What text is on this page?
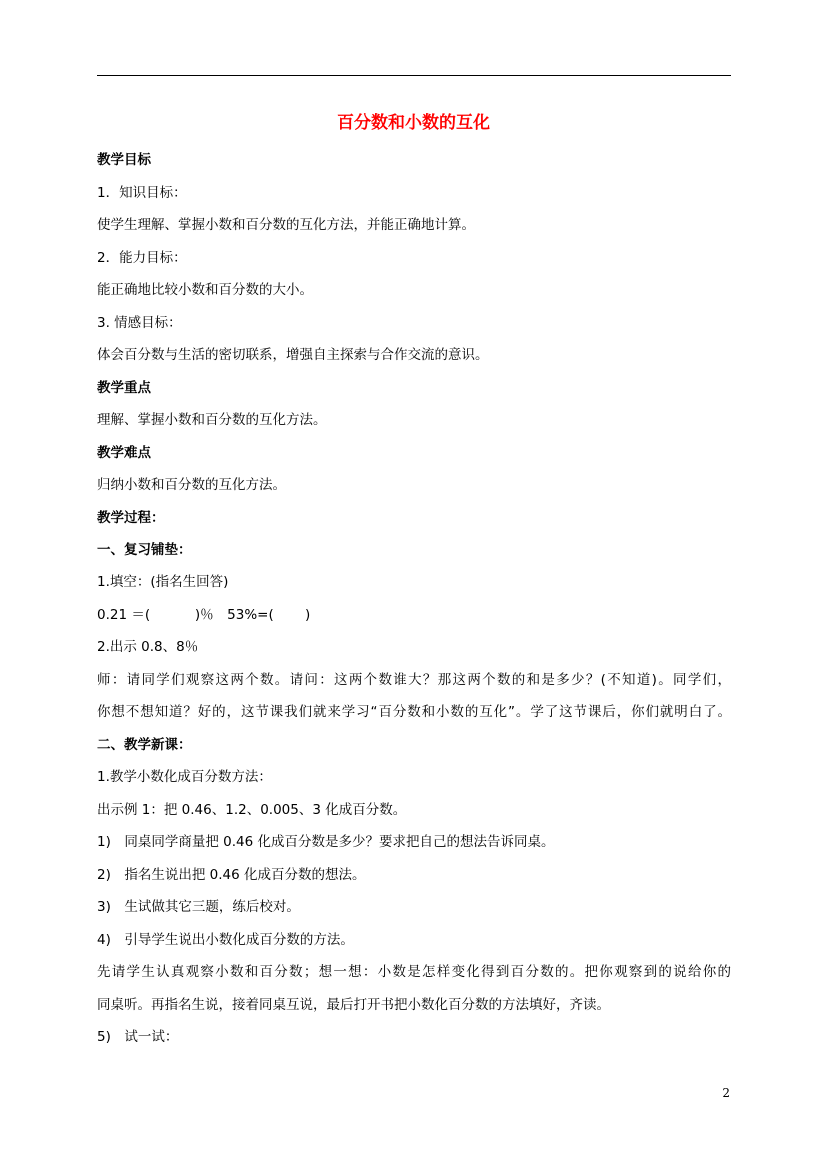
百分数和小数的互化
教学目标
1．知识目标：
使学生理解、掌握小数和百分数的互化方法，并能正确地计算。
2．能力目标：
能正确地比较小数和百分数的大小。
3. 情感目标：
体会百分数与生活的密切联系，增强自主探索与合作交流的意识。
教学重点
理解、掌握小数和百分数的互化方法。
教学难点
归纳小数和百分数的互化方法。
教学过程：
一、复习铺垫：
1.填空：(指名生回答)
0.21 ＝(　　　 )％　53%=(　　 )
2.出示 0.8、8％
师：请同学们观察这两个数。请问：这两个数谁大？那这两个数的和是多少？(不知道)。同学们，
你想不想知道？好的，这节课我们就来学习“百分数和小数的互化”。学了这节课后，你们就明白了。
二、教学新课：
1.教学小数化成百分数方法：
出示例 1：把 0.46、1.2、0.005、3 化成百分数。
1)　同桌同学商量把 0.46 化成百分数是多少？要求把自己的想法告诉同桌。
2)　指名生说出把 0.46 化成百分数的想法。
3)　生试做其它三题，练后校对。
4)　引导学生说出小数化成百分数的方法。
先请学生认真观察小数和百分数；想一想：小数是怎样变化得到百分数的。把你观察到的说给你的
同桌听。再指名生说，接着同桌互说，最后打开书把小数化百分数的方法填好，齐读。
5)　试一试：
2
